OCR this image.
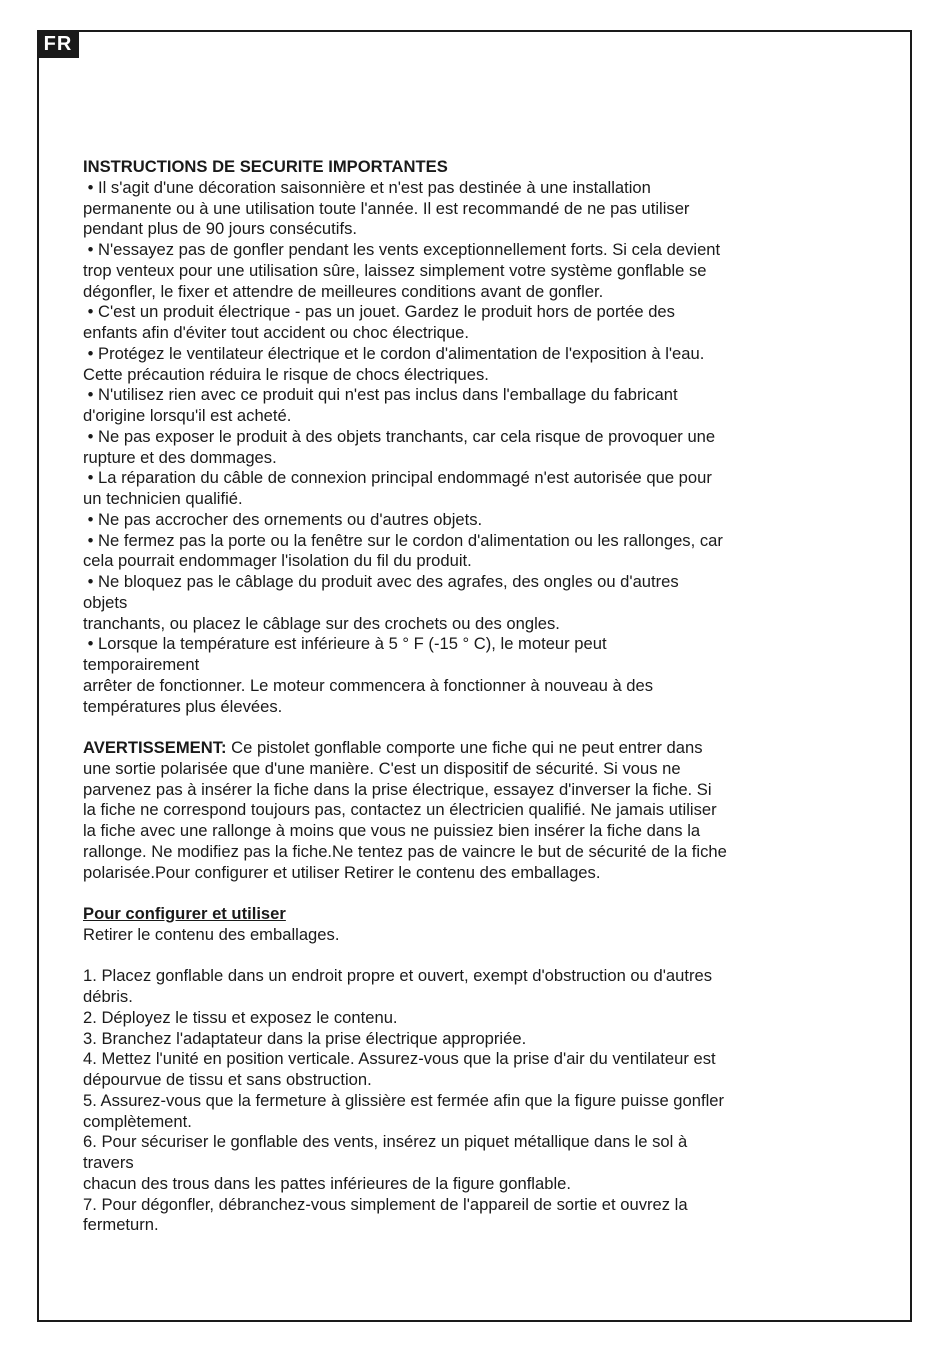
FR
INSTRUCTIONS DE SECURITE IMPORTANTES
• Il s'agit d'une décoration saisonnière et n'est pas destinée à une installation
permanente ou à une utilisation toute l'année. Il est recommandé de ne pas utiliser
pendant plus de 90 jours consécutifs.
• N'essayez pas de gonfler pendant les vents exceptionnellement forts. Si cela devient
trop venteux pour une utilisation sûre, laissez simplement votre système gonflable se
dégonfler, le fixer et attendre de meilleures conditions avant de gonfler.
• C'est un produit électrique - pas un jouet. Gardez le produit hors de portée des
enfants afin d'éviter tout accident ou choc électrique.
• Protégez le ventilateur électrique et le cordon d'alimentation de l'exposition à l'eau.
Cette précaution réduira le risque de chocs électriques.
• N'utilisez rien avec ce produit qui n'est pas inclus dans l'emballage du fabricant
d'origine lorsqu'il est acheté.
• Ne pas exposer le produit à des objets tranchants, car cela risque de provoquer une
rupture et des dommages.
• La réparation du câble de connexion principal endommagé n'est autorisée que pour
un technicien qualifié.
• Ne pas accrocher des ornements ou d'autres objets.
• Ne fermez pas la porte ou la fenêtre sur le cordon d'alimentation ou les rallonges, car
cela pourrait endommager l'isolation du fil du produit.
• Ne bloquez pas le câblage du produit avec des agrafes, des ongles ou d'autres
objets
tranchants, ou placez le câblage sur des crochets ou des ongles.
• Lorsque la température est inférieure à 5 ° F (-15 ° C), le moteur peut
temporairement
arrêter de fonctionner. Le moteur commencera à fonctionner à nouveau à des
températures plus élevées.
AVERTISSEMENT: Ce pistolet gonflable comporte une fiche qui ne peut entrer dans
une sortie polarisée que d'une manière. C'est un dispositif de sécurité. Si vous ne
parvenez pas à insérer la fiche dans la prise électrique, essayez d'inverser la fiche. Si
la fiche ne correspond toujours pas, contactez un électricien qualifié. Ne jamais utiliser
la fiche avec une rallonge à moins que vous ne puissiez bien insérer la fiche dans la
rallonge. Ne modifiez pas la fiche.Ne tentez pas de vaincre le but de sécurité de la fiche
polarisée.Pour configurer et utiliser Retirer le contenu des emballages.
Pour configurer et utiliser
Retirer le contenu des emballages.
1. Placez gonflable dans un endroit propre et ouvert, exempt d'obstruction ou d'autres
débris.
2. Déployez le tissu et exposez le contenu.
3. Branchez l'adaptateur dans la prise électrique appropriée.
4. Mettez l'unité en position verticale. Assurez-vous que la prise d'air du ventilateur est
dépourvue de tissu et sans obstruction.
5. Assurez-vous que la fermeture à glissière est fermée afin que la figure puisse gonfler
complètement.
6. Pour sécuriser le gonflable des vents, insérez un piquet métallique dans le sol à
travers
chacun des trous dans les pattes inférieures de la figure gonflable.
7. Pour dégonfler, débranchez-vous simplement de l'appareil de sortie et ouvrez la
fermeturn.
